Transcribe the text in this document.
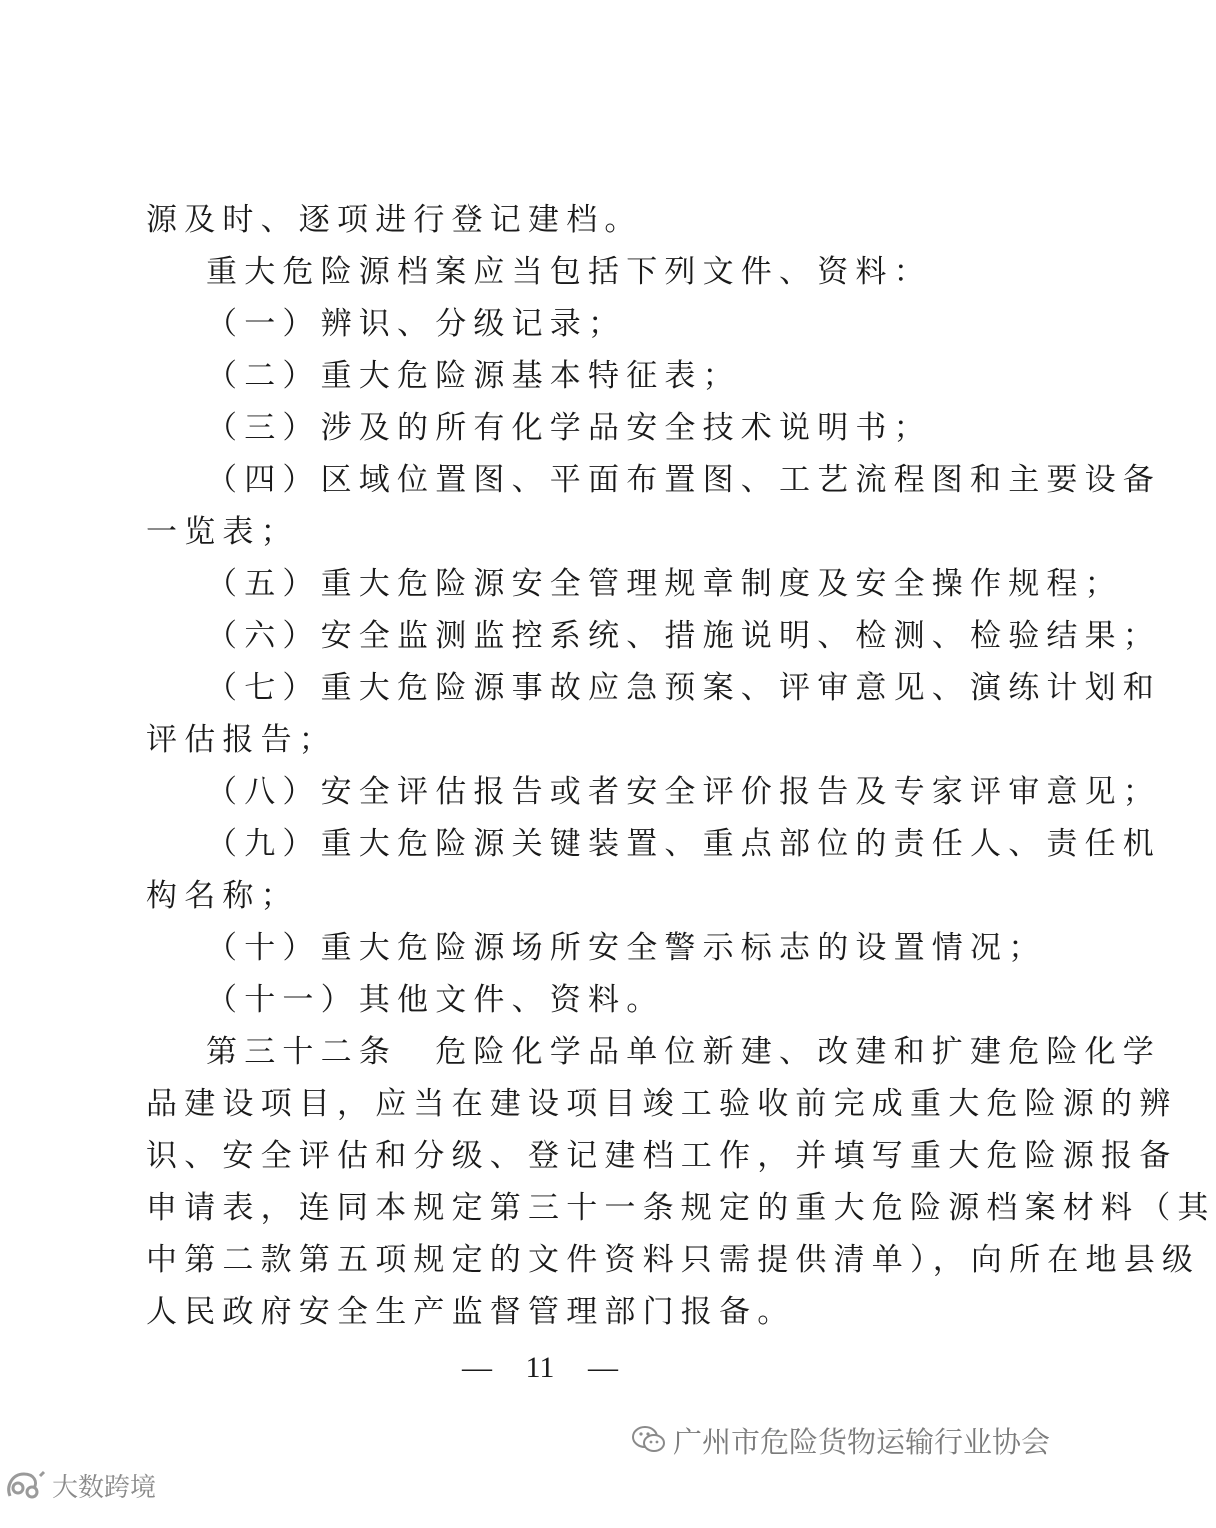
源及时、逐项进行登记建档。
重大危险源档案应当包括下列文件、资料：
（一）辨识、分级记录；
（二）重大危险源基本特征表；
（三）涉及的所有化学品安全技术说明书；
（四）区域位置图、平面布置图、工艺流程图和主要设备
一览表；
（五）重大危险源安全管理规章制度及安全操作规程；
（六）安全监测监控系统、措施说明、检测、检验结果；
（七）重大危险源事故应急预案、评审意见、演练计划和
评估报告；
（八）安全评估报告或者安全评价报告及专家评审意见；
（九）重大危险源关键装置、重点部位的责任人、责任机
构名称；
（十）重大危险源场所安全警示标志的设置情况；
（十一）其他文件、资料。
第三十二条　危险化学品单位新建、改建和扩建危险化学
品建设项目，应当在建设项目竣工验收前完成重大危险源的辨
识、安全评估和分级、登记建档工作，并填写重大危险源报备
申请表，连同本规定第三十一条规定的重大危险源档案材料（其
中第二款第五项规定的文件资料只需提供清单），向所在地县级
人民政府安全生产监督管理部门报备。
— 11 —
广州市危险货物运输行业协会
大数跨境
